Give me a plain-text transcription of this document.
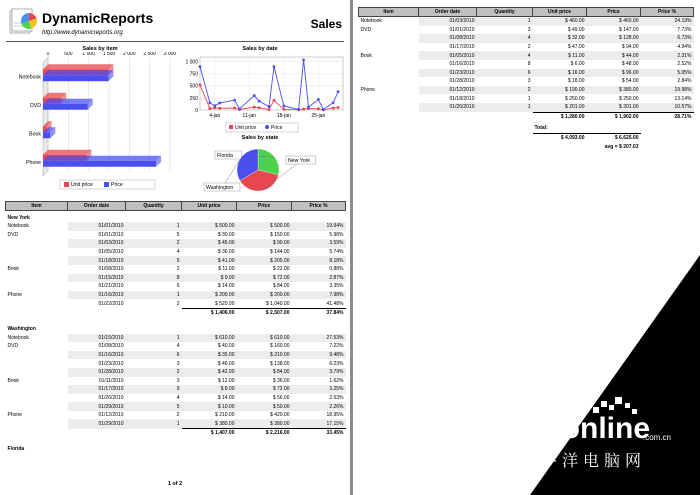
DynamicReports
http://www.dynamicreports.org
Sales
Sales by item
0	500 1 000 1 500 2 000 2 500 3 000
Notebook
DVD
Book
Phone
Unit price	Price
Sales by date
0
250
500
750
1 000
4-jan	11-jan	18-jan	25-jan
Unit price	Price
Sales by state
Florida
New York
Washington
Item	Order date	Quantity	Unit price	Price	Price %
New York					
Notebook	01/01/2010	1	$ 500.00	$ 500.00	19.94%
DVD	01/01/2010	5	$ 30.00	$ 150.00	5.98%
	01/03/2010	2	$ 45.00	$ 90.00	3.59%
	01/05/2010	4	$ 36.00	$ 144.00	5.74%
	01/18/2010	5	$ 41.00	$ 205.00	8.18%
Book	01/08/2010	2	$ 11.00	$ 22.00	0.88%
	01/15/2010	8	$ 9.00	$ 72.00	2.87%
	01/21/2010	6	$ 14.00	$ 84.00	3.35%
Phone	01/16/2010	1	$ 200.00	$ 200.00	7.98%
	01/22/2010	2	$ 520.00	$ 1,040.00	41.48%
			$ 1,406.00	$ 2,507.00	37.84%

Washington					
Notebook	01/15/2010	1	$ 610.00	$ 610.00	27.53%
DVD	01/08/2010	4	$ 40.00	$ 160.00	7.22%
	01/16/2010	6	$ 35.00	$ 210.00	9.48%
	01/23/2010	3	$ 46.00	$ 138.00	6.23%
	01/28/2010	2	$ 42.00	$ 84.00	3.79%
Book	01/11/2010	3	$ 12.00	$ 36.00	1.62%
	01/17/2010	9	$ 8.00	$ 72.00	3.25%
	01/26/2010	4	$ 14.00	$ 56.00	2.53%
	01/29/2010	5	$ 10.00	$ 50.00	2.26%
Phone	01/12/2010	2	$ 210.00	$ 420.00	18.95%
	01/29/2010	1	$ 380.00	$ 380.00	17.15%
			$ 1,407.00	$ 2,216.00	33.45%

Florida					
1 of 2
Item	Order date	Quantity	Unit price	Price	Price %
Notebook	01/03/2010	1	$ 460.00	$ 460.00	24.19%
DVD	01/01/2010	3	$ 49.00	$ 147.00	7.73%
	01/08/2010	4	$ 32.00	$ 128.00	6.73%
	01/17/2010	2	$ 47.00	$ 94.00	4.94%
Book	01/05/2010	4	$ 11.00	$ 44.00	2.31%
	01/16/2010	8	$ 6.00	$ 48.00	2.52%
	01/23/2010	6	$ 16.00	$ 96.00	5.05%
	01/28/2010	3	$ 18.00	$ 54.00	2.84%
Phone	01/12/2010	2	$ 190.00	$ 380.00	19.98%
	01/18/2010	1	$ 250.00	$ 250.00	13.14%
	01/26/2010	1	$ 201.00	$ 201.00	10.57%
			$ 1,280.00	$ 1,902.00	28.71%

			Total:		
			$ 4,093.00	$ 6,625.00	
				avg = $ 207.03	
PConline
.com.cn
太平洋电脑网
